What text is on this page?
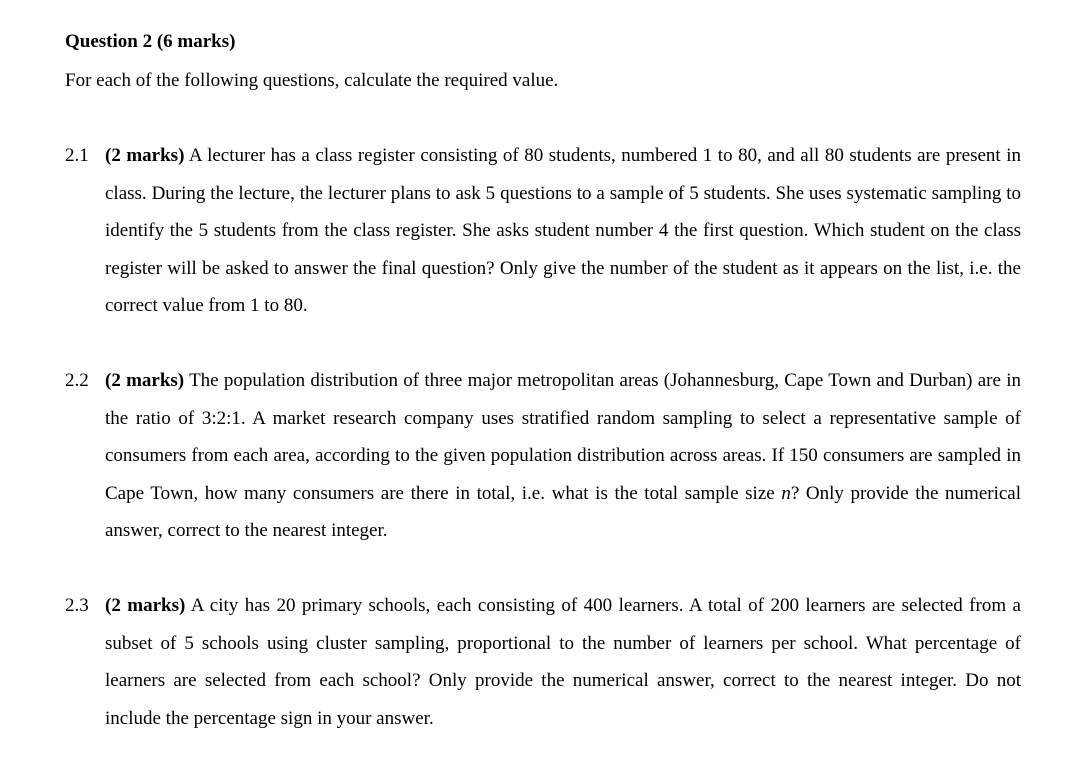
Question 2 (6 marks)
For each of the following questions, calculate the required value.
2.1 (2 marks) A lecturer has a class register consisting of 80 students, numbered 1 to 80, and all 80 students are present in class. During the lecture, the lecturer plans to ask 5 questions to a sample of 5 students. She uses systematic sampling to identify the 5 students from the class register. She asks student number 4 the first question. Which student on the class register will be asked to answer the final question? Only give the number of the student as it appears on the list, i.e. the correct value from 1 to 80.
2.2 (2 marks) The population distribution of three major metropolitan areas (Johannesburg, Cape Town and Durban) are in the ratio of 3:2:1. A market research company uses stratified random sampling to select a representative sample of consumers from each area, according to the given population distribution across areas. If 150 consumers are sampled in Cape Town, how many consumers are there in total, i.e. what is the total sample size n? Only provide the numerical answer, correct to the nearest integer.
2.3 (2 marks) A city has 20 primary schools, each consisting of 400 learners. A total of 200 learners are selected from a subset of 5 schools using cluster sampling, proportional to the number of learners per school. What percentage of learners are selected from each school? Only provide the numerical answer, correct to the nearest integer. Do not include the percentage sign in your answer.
